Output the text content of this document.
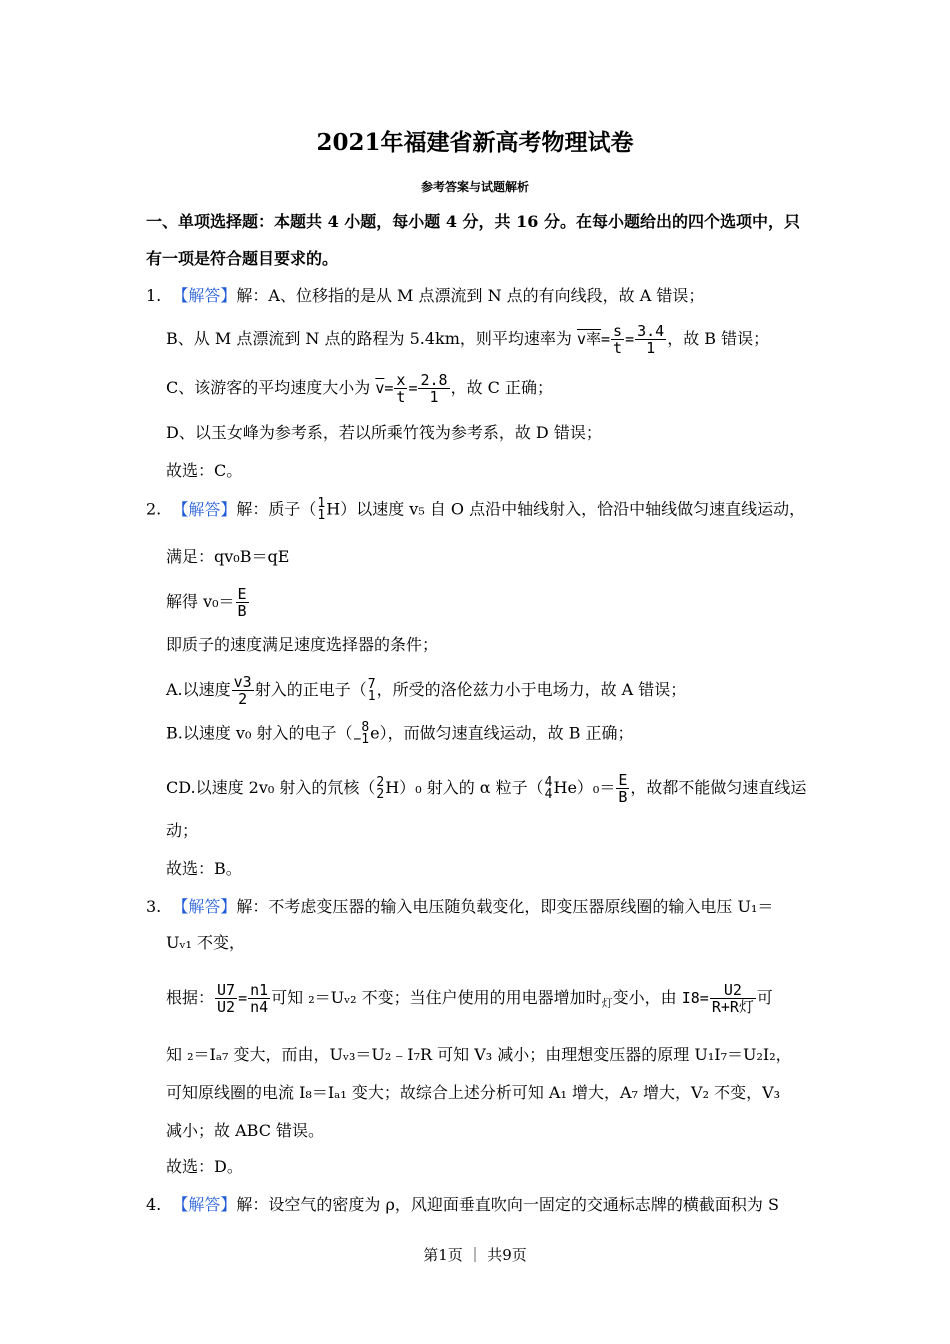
2021年福建省新高考物理试卷
参考答案与试题解析
一、单项选择题：本题共 4 小题，每小题 4 分，共 16 分。在每小题给出的四个选项中，只
有一项是符合题目要求的。
1. 【解答】解：A、位移指的是从 M 点漂流到 N 点的有向线段，故 A 错误；
B、从 M 点漂流到 N 点的路程为 5.4km，则平均速率为 v率= $\frac{s}{t} = \frac{3.4}{1}$ ，故 B 错误；
C、该游客的平均速度大小为 $\overline{v}= \frac{x}{t} = \frac{2.8}{1}$ ，故 C 正确；
D、以玉女峰为参考系，若以所乘竹筏为参考系，故 D 错误；
故选：C。
2. 【解答】解：质子（ 1
1 H）以速度 v₅ 自 O 点沿中轴线射入，恰沿中轴线做匀速直线运动，
满足：qv₀B＝qE
解得 $v_0= \frac{E}{B}$
即质子的速度满足速度选择器的条件；
A.以速度 $\frac{v3}{2}$ 射入的正电子（ 7
1 ，所受的洛伦兹力小于电场力，故 A 错误；
B.以速度 v₀ 射入的电子（ 8
−1 e），而做匀速直线运动，故 B 正确；
CD.以速度 2v₀ 射入的氘核（ 2
2 H）₀ 射入的 α 粒子（ 4
4 $He)_0= \frac{E}{B}$ ，故都不能做匀速直线运
动；
故选：B。
3. 【解答】解：不考虑变压器的输入电压随负载变化，即变压器原线圈的输入电压 U₁＝
Uᵥ₁ 不变，
根据： $\frac{U7}{U2} = \frac{n1}{n4}$ 可知 ₂＝Uᵥ₂ 不变；当住户使用的用电器增加时$_灯$变小，由 $I8= \frac{U2}{\text{R+R灯}}$ 可
知 ₂＝Iₐ₇ 变大，而由，Uᵥ₃＝U₂﹣I₇R 可知 V₃ 减小；由理想变压器的原理 U₁I₇＝U₂I₂，
可知原线圈的电流 I₈＝Iₐ₁ 变大；故综合上述分析可知 A₁ 增大，A₇ 增大，V₂ 不变，V₃
减小；故 ABC 错误。
故选：D。
4. 【解答】解：设空气的密度为 ρ，风迎面垂直吹向一固定的交通标志牌的横截面积为 S
第1页 ｜ 共9页
